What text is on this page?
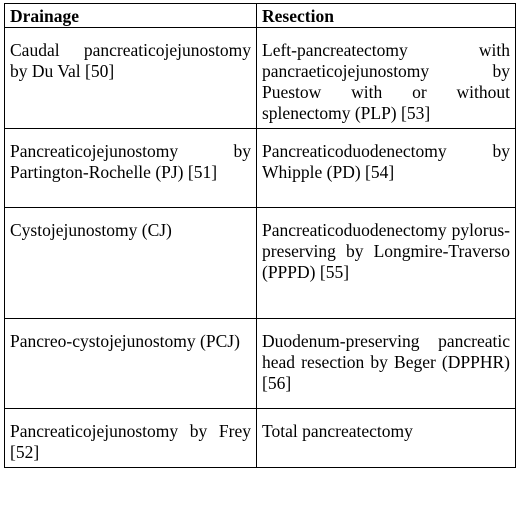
Drainage	Resection
Caudal pancreaticojejunostomy by Du Val [50]	Left-pancreatectomy with pancraeticojejunostomy by Puestow with or without splenectomy (PLP) [53]
Pancreaticojejunostomy by Partington-Rochelle (PJ) [51]	Pancreaticoduodenectomy by Whipple (PD) [54]
Cystojejunostomy (CJ)	Pancreaticoduodenectomy pylorus-preserving by Longmire-Traverso (PPPD) [55]
Pancreo-cystojejunostomy (PCJ)	Duodenum-preserving pancreatic head resection by Beger (DPPHR) [56]
Pancreaticojejunostomy by Frey [52]	Total pancreatectomy
